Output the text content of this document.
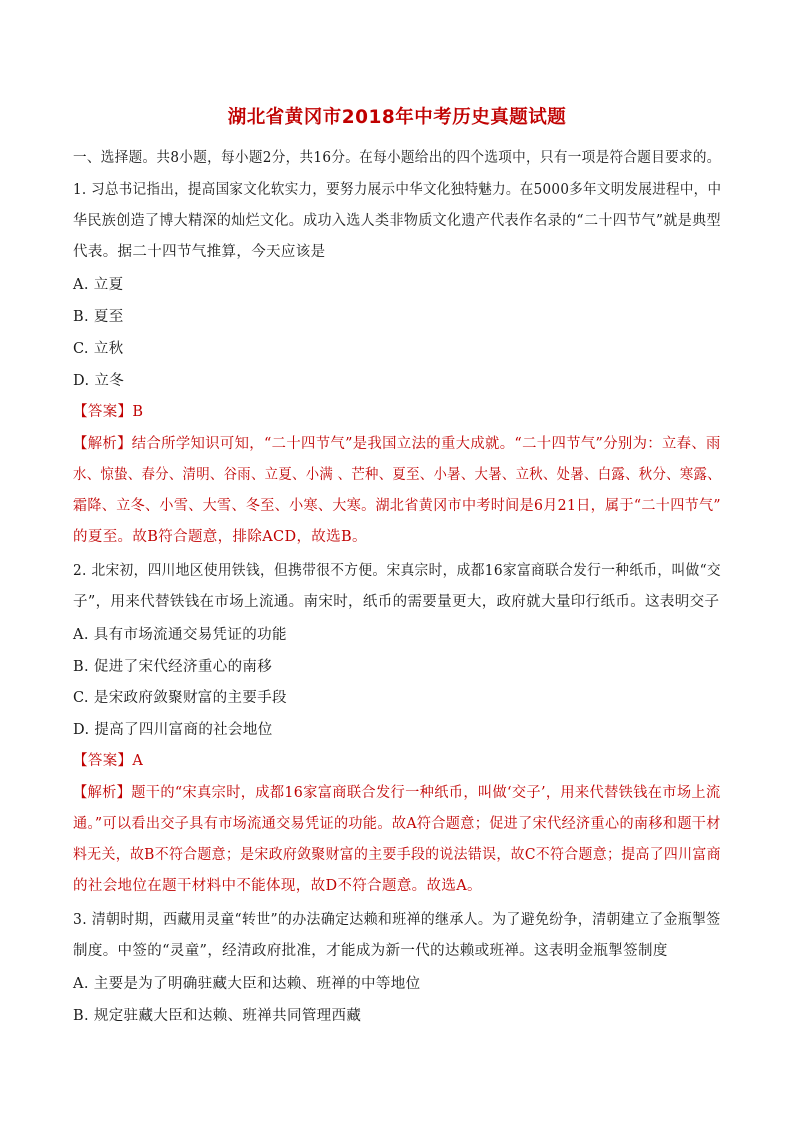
湖北省黄冈市2018年中考历史真题试题
一、选择题。共8小题，每小题2分，共16分。在每小题给出的四个选项中，只有一项是符合题目要求的。
1. 习总书记指出，提高国家文化软实力，要努力展示中华文化独特魅力。在5000多年文明发展进程中，中
华民族创造了博大精深的灿烂文化。成功入选人类非物质文化遗产代表作名录的“二十四节气”就是典型
代表。据二十四节气推算，今天应该是
A. 立夏
B. 夏至
C. 立秋
D. 立冬
【答案】B
【解析】结合所学知识可知，“二十四节气”是我国立法的重大成就。“二十四节气”分别为：立春、雨
水、惊蛰、春分、清明、谷雨、立夏、小满 、芒种、夏至、小暑、大暑、立秋、处暑、白露、秋分、寒露、
霜降、立冬、小雪、大雪、冬至、小寒、大寒。湖北省黄冈市中考时间是6月21日，属于“二十四节气”
的夏至。故B符合题意，排除ACD，故选B。
2. 北宋初，四川地区使用铁钱，但携带很不方便。宋真宗时，成都16家富商联合发行一种纸币，叫做“交
子”，用来代替铁钱在市场上流通。南宋时，纸币的需要量更大，政府就大量印行纸币。这表明交子
A. 具有市场流通交易凭证的功能
B. 促进了宋代经济重心的南移
C. 是宋政府敛聚财富的主要手段
D. 提高了四川富商的社会地位
【答案】A
【解析】题干的“宋真宗时，成都16家富商联合发行一种纸币，叫做‘交子’，用来代替铁钱在市场上流
通。”可以看出交子具有市场流通交易凭证的功能。故A符合题意；促进了宋代经济重心的南移和题干材
料无关，故B不符合题意；是宋政府敛聚财富的主要手段的说法错误，故C不符合题意；提高了四川富商
的社会地位在题干材料中不能体现，故D不符合题意。故选A。
3. 清朝时期，西藏用灵童“转世”的办法确定达赖和班禅的继承人。为了避免纷争，清朝建立了金瓶掣签
制度。中签的“灵童”，经清政府批准，才能成为新一代的达赖或班禅。这表明金瓶掣签制度
A. 主要是为了明确驻藏大臣和达赖、班禅的中等地位
B. 规定驻藏大臣和达赖、班禅共同管理西藏
